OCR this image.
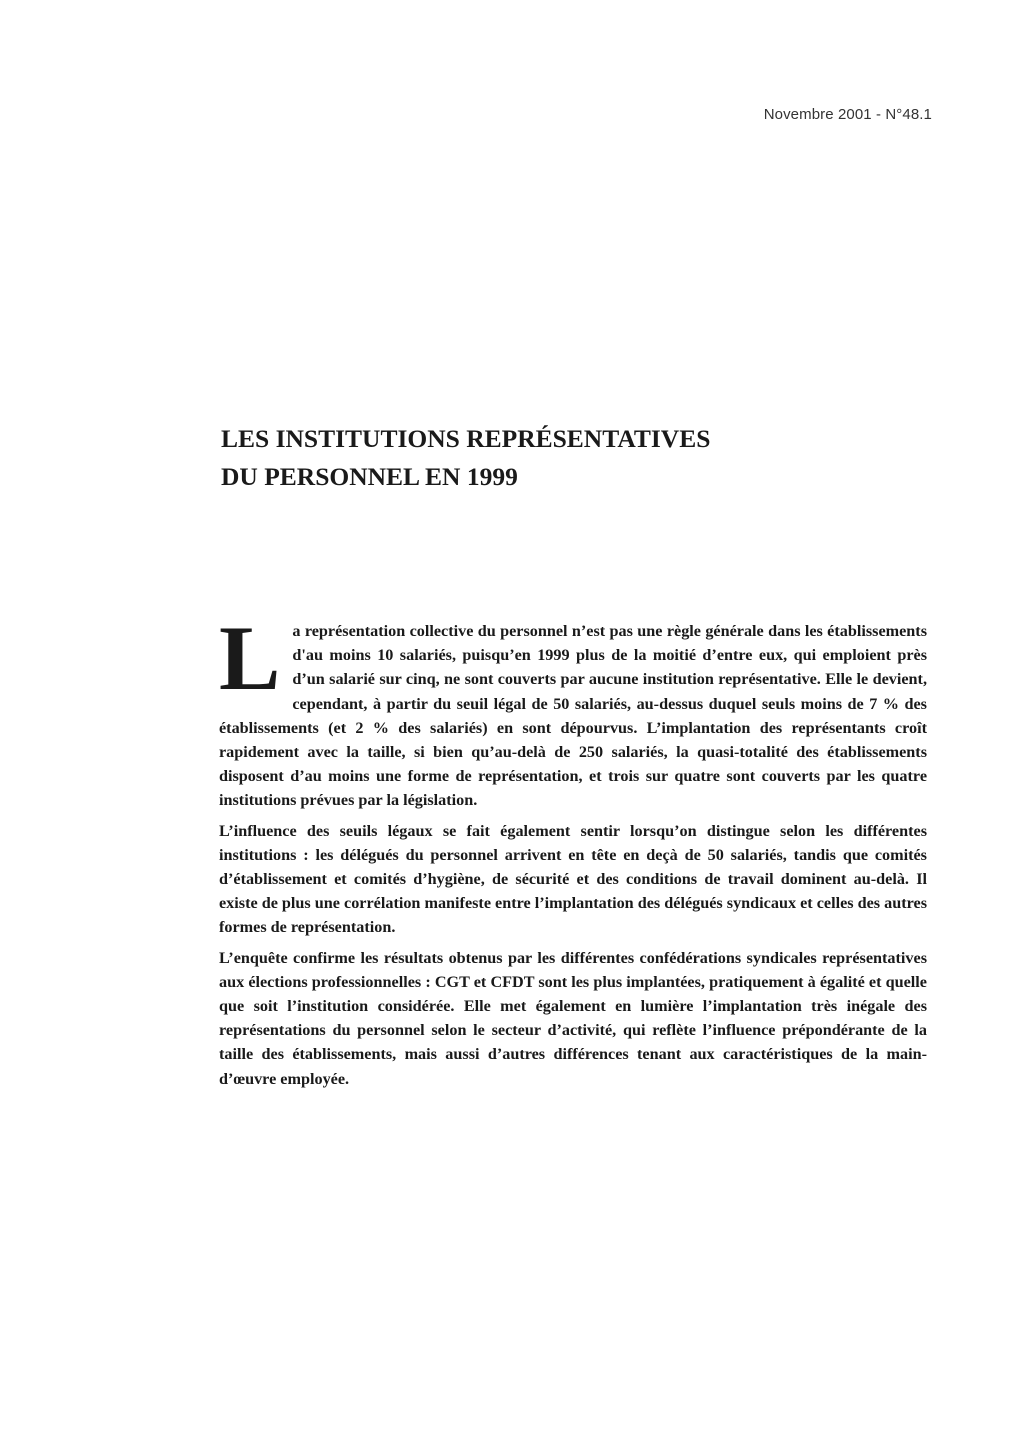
Novembre 2001 - N°48.1
LES INSTITUTIONS REPRÉSENTATIVES
DU PERSONNEL EN 1999

La représentation collective du personnel n’est pas une règle générale dans les établissements d'au moins 10 salariés, puisqu’en 1999 plus de la moitié d’entre eux, qui emploient près d’un salarié sur cinq, ne sont couverts par aucune institution représentative. Elle le devient, cependant, à partir du seuil légal de 50 salariés, au-dessus duquel seuls moins de 7 % des établissements (et 2 % des salariés) en sont dépourvus. L’implantation des représentants croît rapidement avec la taille, si bien qu’au-delà de 250 salariés, la quasi-totalité des établissements disposent d’au moins une forme de représentation, et trois sur quatre sont couverts par les quatre institutions prévues par la législation.

L’influence des seuils légaux se fait également sentir lorsqu’on distingue selon les différentes institutions : les délégués du personnel arrivent en tête en deçà de 50 salariés, tandis que comités d’établissement et comités d’hygiène, de sécurité et des conditions de travail dominent au-delà. Il existe de plus une corrélation manifeste entre l’implantation des délégués syndicaux et celles des autres formes de représentation.

L’enquête confirme les résultats obtenus par les différentes confédérations syndicales représentatives aux élections professionnelles : CGT et CFDT sont les plus implantées, pratiquement à égalité et quelle que soit l’institution considérée. Elle met également en lumière l’implantation très inégale des représentations du personnel selon le secteur d’activité, qui reflète l’influence prépondérante de la taille des établissements, mais aussi d’autres différences tenant aux caractéristiques de la main-d’œuvre employée.
